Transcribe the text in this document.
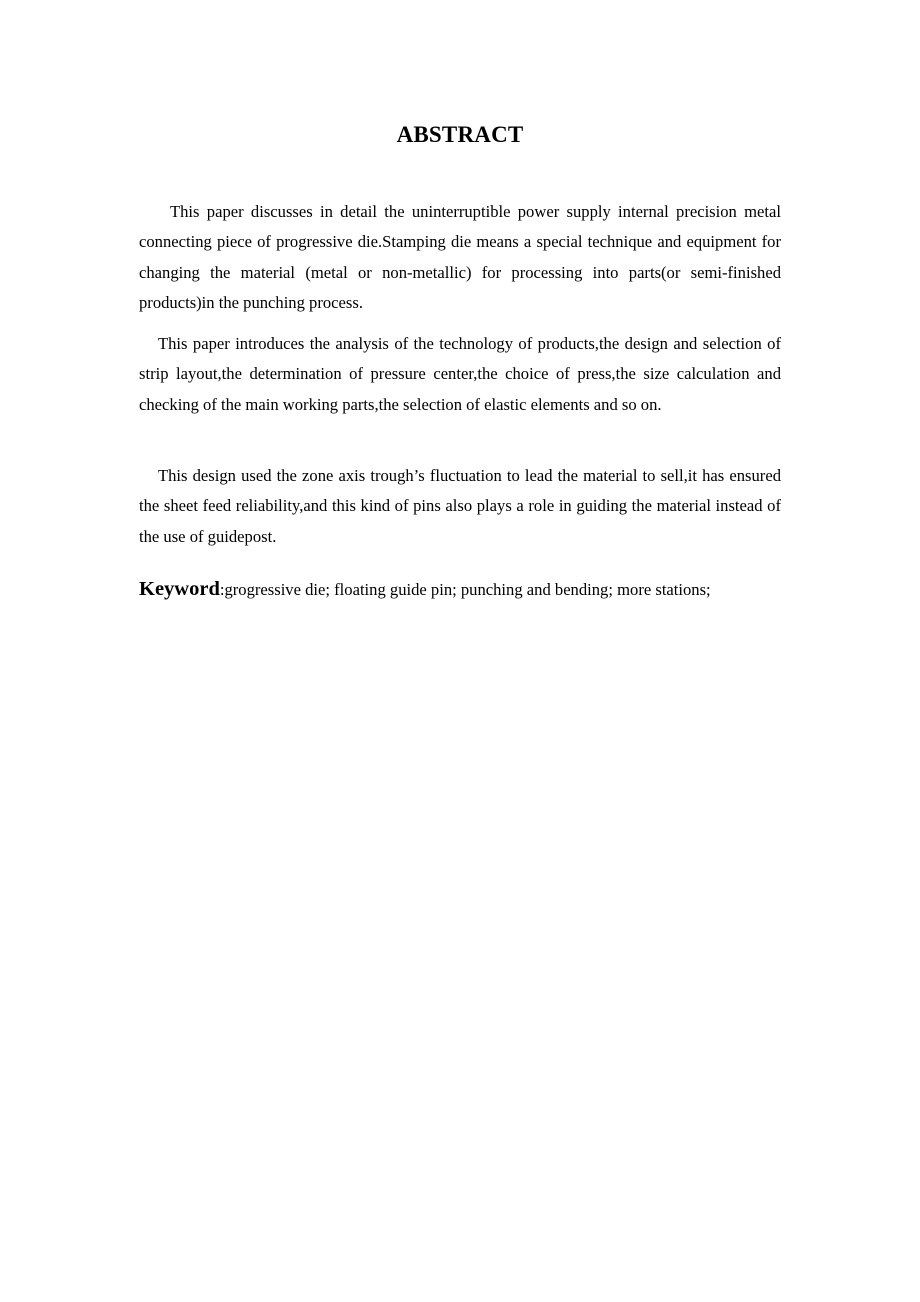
ABSTRACT

This paper discusses in detail the uninterruptible power supply internal precision metal connecting piece of progressive die.Stamping die means a special technique and equipment for changing the material (metal or non-metallic) for processing into parts(or semi-finished products)in the punching process.

This paper introduces the analysis of the technology of products,the design and selection of strip layout,the determination of pressure center,the choice of press,the size calculation and checking of the main working parts,the selection of elastic elements and so on.

This design used the zone axis trough’s fluctuation to lead the material to sell,it has ensured the sheet feed reliability,and this kind of pins also plays a role in guiding the material instead of the use of guidepost.

Keyword:grogressive die; floating guide pin; punching and bending; more stations;
